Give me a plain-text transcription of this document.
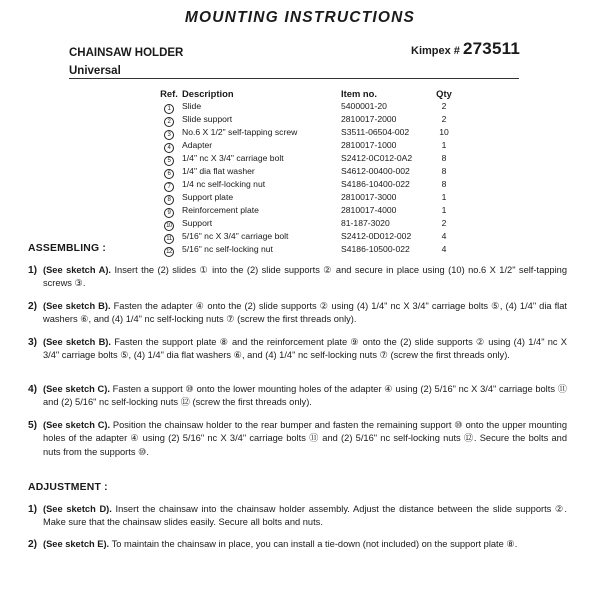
MOUNTING INSTRUCTIONS
CHAINSAW HOLDER
Universal
Kimpex # 273511
Ref.	Description	Item no.	Qty
1	Slide	5400001-20	2
2	Slide support	2810017-2000	2
3	No.6 X 1/2" self-tapping screw	S3511-06504-002	10
4	Adapter	2810017-1000	1
5	1/4" nc X 3/4" carriage bolt	S2412-0C012-0A2	8
6	1/4" dia flat washer	S4612-00400-002	8
7	1/4 nc self-locking nut	S4186-10400-022	8
8	Support plate	2810017-3000	1
9	Reinforcement plate	2810017-4000	1
10	Support	81-187-3020	2
11	5/16" nc X 3/4" carriage bolt	S2412-0D012-002	4
12	5/16" nc self-locking nut	S4186-10500-022	4
ASSEMBLING :
1) (See sketch A). Insert the (2) slides ① into the (2) slide supports ② and secure in place using (10) no.6 X 1/2" self-tapping screws ③.
2) (See sketch B). Fasten the adapter ④ onto the (2) slide supports ② using (4) 1/4" nc X 3/4" carriage bolts ⑤, (4) 1/4" dia flat washers ⑥, and (4) 1/4" nc self-locking nuts ⑦ (screw the first threads only).
3) (See sketch B). Fasten the support plate ⑧ and the reinforcement plate ⑨ onto the (2) slide supports ② using (4) 1/4" nc X 3/4" carriage bolts ⑤, (4) 1/4" dia flat washers ⑥, and (4) 1/4" nc self-locking nuts ⑦ (screw the first threads only).
4) (See sketch C). Fasten a support ⑩ onto the lower mounting holes of the adapter ④ using (2) 5/16" nc X 3/4" carriage bolts ⑪ and (2) 5/16" nc self-locking nuts ⑫ (screw the first threads only).
5) (See sketch C). Position the chainsaw holder to the rear bumper and fasten the remaining support ⑩ onto the upper mounting holes of the adapter ④ using (2) 5/16" nc X 3/4" carriage bolts ⑪ and (2) 5/16" nc self-locking nuts ⑫. Secure the bolts and nuts from the supports ⑩.
ADJUSTMENT :
1) (See sketch D). Insert the chainsaw into the chainsaw holder assembly. Adjust the distance between the slide supports ②. Make sure that the chainsaw slides easily. Secure all bolts and nuts.
2) (See sketch E). To maintain the chainsaw in place, you can install a tie-down (not included) on the support plate ⑧.
